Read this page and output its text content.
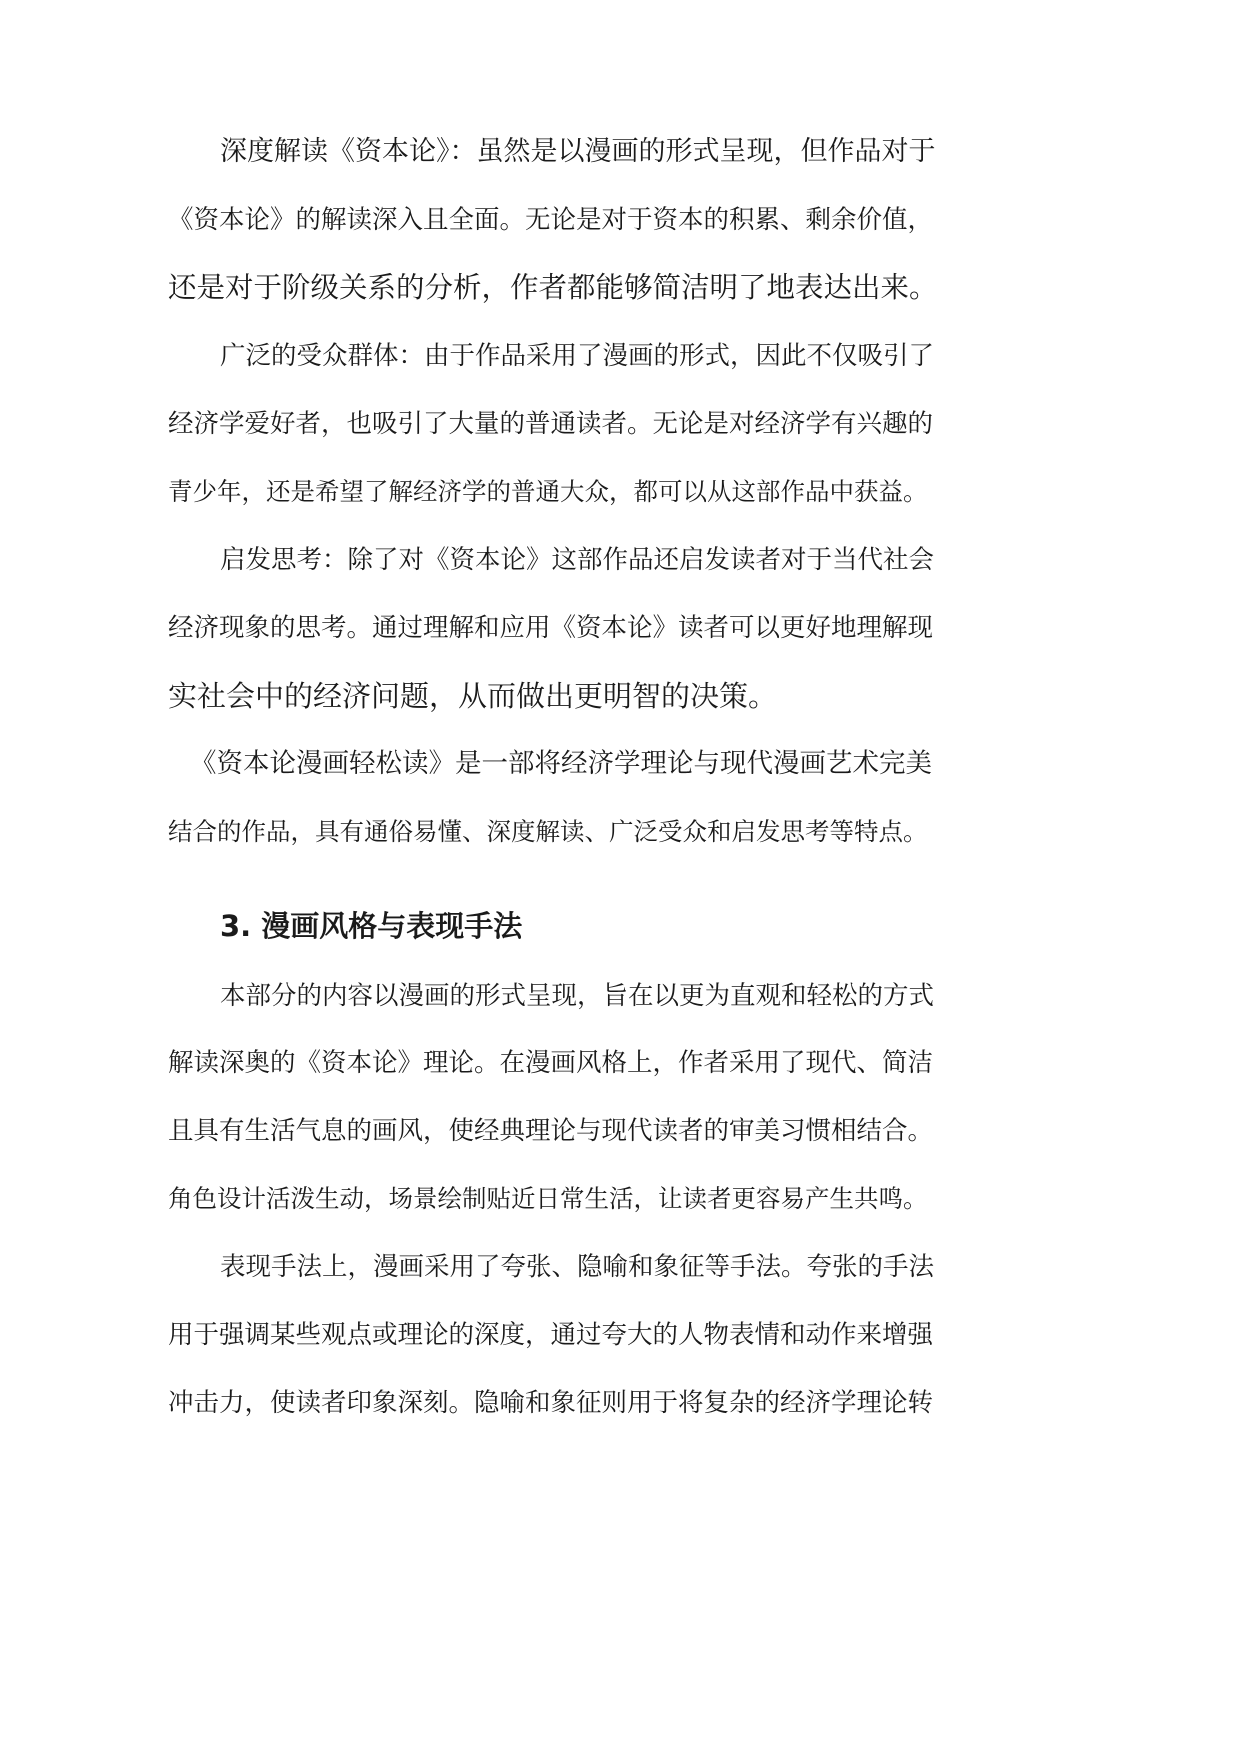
深度解读《资本论》：虽然是以漫画的形式呈现，但作品对于
《资本论》的解读深入且全面。无论是对于资本的积累、剩余价值，
还是对于阶级关系的分析，作者都能够简洁明了地表达出来。
广泛的受众群体：由于作品采用了漫画的形式，因此不仅吸引了
经济学爱好者，也吸引了大量的普通读者。无论是对经济学有兴趣的
青少年，还是希望了解经济学的普通大众，都可以从这部作品中获益。
启发思考：除了对《资本论》这部作品还启发读者对于当代社会
经济现象的思考。通过理解和应用《资本论》读者可以更好地理解现
实社会中的经济问题，从而做出更明智的决策。
《资本论漫画轻松读》是一部将经济学理论与现代漫画艺术完美
结合的作品，具有通俗易懂、深度解读、广泛受众和启发思考等特点。
3. 漫画风格与表现手法
本部分的内容以漫画的形式呈现，旨在以更为直观和轻松的方式
解读深奥的《资本论》理论。在漫画风格上，作者采用了现代、简洁
且具有生活气息的画风，使经典理论与现代读者的审美习惯相结合。
角色设计活泼生动，场景绘制贴近日常生活，让读者更容易产生共鸣。
表现手法上，漫画采用了夸张、隐喻和象征等手法。夸张的手法
用于强调某些观点或理论的深度，通过夸大的人物表情和动作来增强
冲击力，使读者印象深刻。隐喻和象征则用于将复杂的经济学理论转
